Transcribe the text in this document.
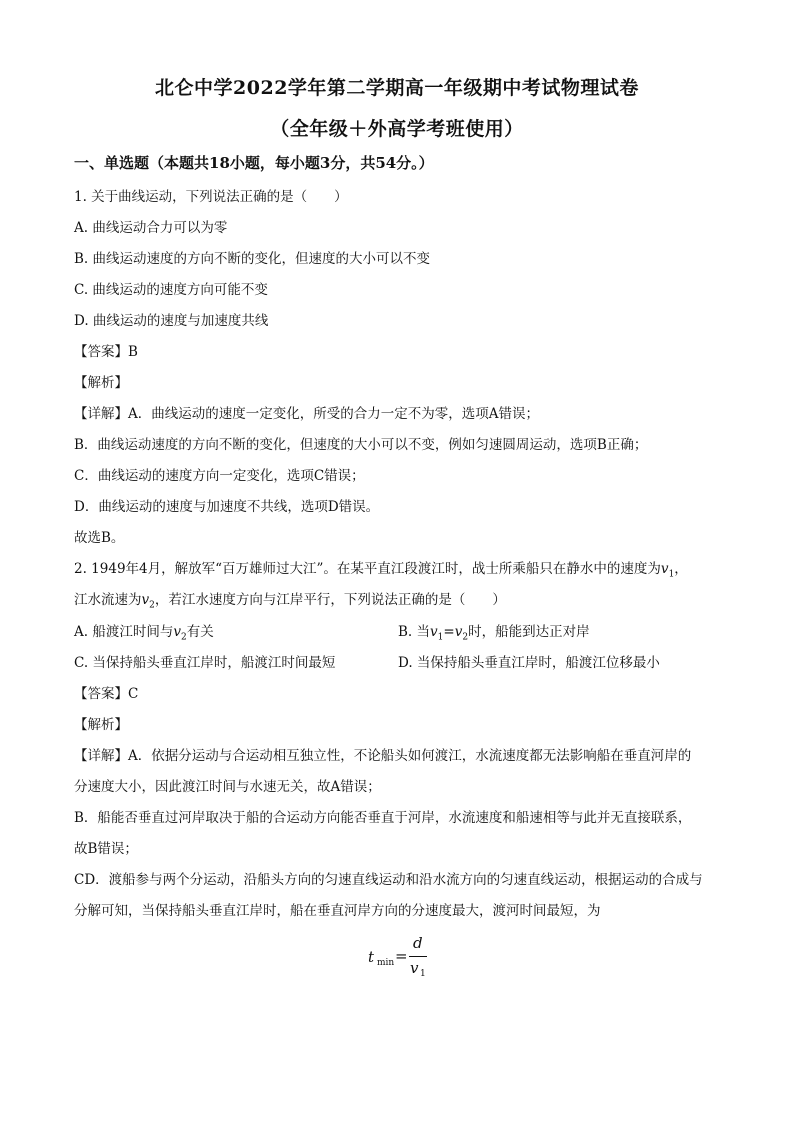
北仑中学2022学年第二学期高一年级期中考试物理试卷
（全年级＋外高学考班使用）
一、单选题（本题共18小题，每小题3分，共54分。）
1. 关于曲线运动，下列说法正确的是（　　）
A. 曲线运动合力可以为零
B. 曲线运动速度的方向不断的变化，但速度的大小可以不变
C. 曲线运动的速度方向可能不变
D. 曲线运动的速度与加速度共线
【答案】B
【解析】
【详解】A．曲线运动的速度一定变化，所受的合力一定不为零，选项A错误；
B．曲线运动速度的方向不断的变化，但速度的大小可以不变，例如匀速圆周运动，选项B正确；
C．曲线运动的速度方向一定变化，选项C错误；
D．曲线运动的速度与加速度不共线，选项D错误。
故选B。
2. 1949年4月，解放军“百万雄师过大江”。在某平直江段渡江时，战士所乘船只在静水中的速度为$v_1$，
江水流速为$v_2$，若江水速度方向与江岸平行，下列说法正确的是（　　）
A. 船渡江时间与$v_2$有关	B. 当$v_1=v_2$时，船能到达正对岸
C. 当保持船头垂直江岸时，船渡江时间最短	D. 当保持船头垂直江岸时，船渡江位移最小
【答案】C
【解析】
【详解】A．依据分运动与合运动相互独立性，不论船头如何渡江，水流速度都无法影响船在垂直河岸的
分速度大小，因此渡江时间与水速无关，故A错误；
B．船能否垂直过河岸取决于船的合运动方向能否垂直于河岸，水流速度和船速相等与此并无直接联系，
故B错误；
CD．渡船参与两个分运动，沿船头方向的匀速直线运动和沿水流方向的匀速直线运动，根据运动的合成与
分解可知，当保持船头垂直江岸时，船在垂直河岸方向的分速度最大，渡河时间最短，为
t min =
d
v 1
